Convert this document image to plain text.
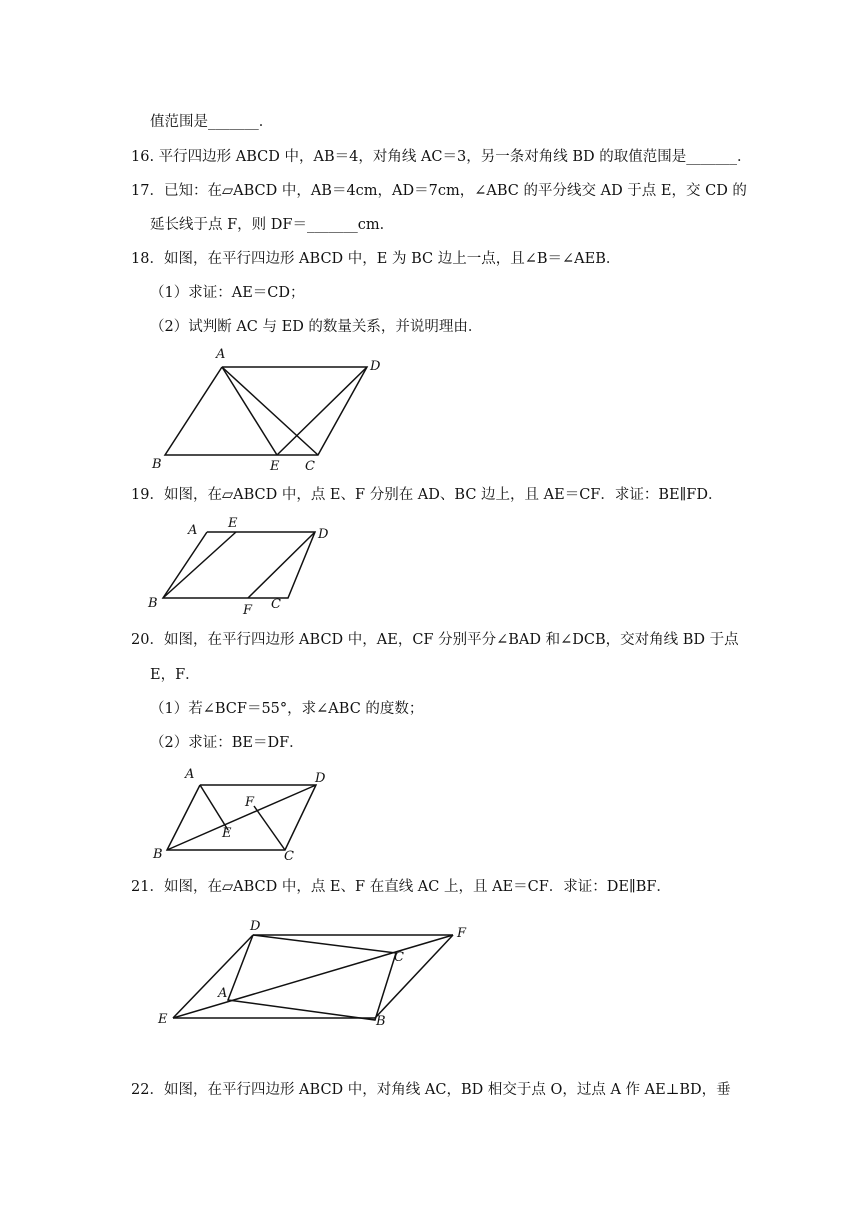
值范围是_______．
16. 平行四边形 ABCD 中，AB＝4，对角线 AC＝3，另一条对角线 BD 的取值范围是_______．
17．已知：在▱ABCD 中，AB＝4cm，AD＝7cm，∠ABC 的平分线交 AD 于点 E，交 CD 的
延长线于点 F，则 DF＝_______cm．
18．如图，在平行四边形 ABCD 中，E 为 BC 边上一点，且∠B＝∠AEB．
（1）求证：AE＝CD；
（2）试判断 AC 与 ED 的数量关系，并说明理由．
A
B	E C
D
19．如图，在▱ABCD 中，点 E、F 分别在 AD、BC 边上，且 AE＝CF．求证：BE∥FD．
A E
D
B	F C
20．如图，在平行四边形 ABCD 中，AE，CF 分别平分∠BAD 和∠DCB，交对角线 BD 于点
E，F．
（1）若∠BCF＝55°，求∠ABC 的度数；
（2）求证：BE＝DF．
A
F
E
D
B	C
21．如图，在▱ABCD 中，点 E、F 在直线 AC 上，且 AE＝CF．求证：DE∥BF．
D	F
C
A
E	B
22．如图，在平行四边形 ABCD 中，对角线 AC，BD 相交于点 O，过点 A 作 AE⊥BD，垂
